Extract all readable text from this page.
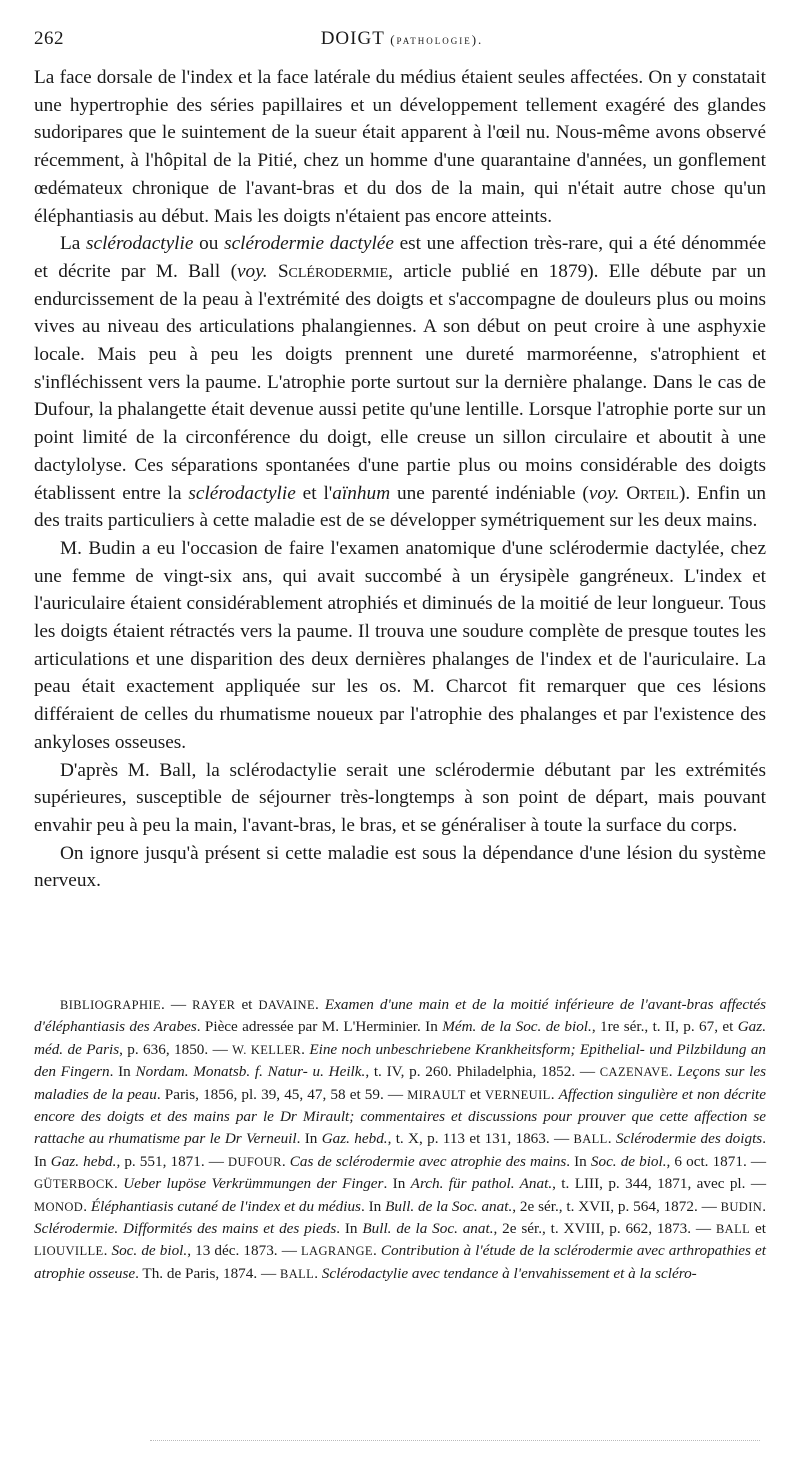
262	DOIGT (pathologie).

La face dorsale de l'index et la face latérale du médius étaient seules affectées. On y constatait une hypertrophie des séries papillaires et un développement tellement exagéré des glandes sudoripares que le suintement de la sueur était apparent à l'œil nu. Nous-même avons observé récemment, à l'hôpital de la Pitié, chez un homme d'une quarantaine d'années, un gonflement œdémateux chronique de l'avant-bras et du dos de la main, qui n'était autre chose qu'un éléphantiasis au début. Mais les doigts n'étaient pas encore atteints.

La sclérodactylie ou sclérodermie dactylée est une affection très-rare, qui a été dénommée et décrite par M. Ball (voy. Sclérodermie, article publié en 1879). Elle débute par un endurcissement de la peau à l'extrémité des doigts et s'accompagne de douleurs plus ou moins vives au niveau des articulations phalangiennes. A son début on peut croire à une asphyxie locale. Mais peu à peu les doigts prennent une dureté marmoréenne, s'atrophient et s'infléchissent vers la paume. L'atrophie porte surtout sur la dernière phalange. Dans le cas de Dufour, la phalangette était devenue aussi petite qu'une lentille. Lorsque l'atrophie porte sur un point limité de la circonférence du doigt, elle creuse un sillon circulaire et aboutit à une dactylolyse. Ces séparations spontanées d'une partie plus ou moins considérable des doigts établissent entre la sclérodactylie et l'aïnhum une parenté indéniable (voy. Orteil). Enfin un des traits particuliers à cette maladie est de se développer symétriquement sur les deux mains.

M. Budin a eu l'occasion de faire l'examen anatomique d'une sclérodermie dactylée, chez une femme de vingt-six ans, qui avait succombé à un érysipèle gangréneux. L'index et l'auriculaire étaient considérablement atrophiés et diminués de la moitié de leur longueur. Tous les doigts étaient rétractés vers la paume. Il trouva une soudure complète de presque toutes les articulations et une disparition des deux dernières phalanges de l'index et de l'auriculaire. La peau était exactement appliquée sur les os. M. Charcot fit remarquer que ces lésions différaient de celles du rhumatisme noueux par l'atrophie des phalanges et par l'existence des ankyloses osseuses.

D'après M. Ball, la sclérodactylie serait une sclérodermie débutant par les extrémités supérieures, susceptible de séjourner très-longtemps à son point de départ, mais pouvant envahir peu à peu la main, l'avant-bras, le bras, et se généraliser à toute la surface du corps.

On ignore jusqu'à présent si cette maladie est sous la dépendance d'une lésion du système nerveux.

BIBLIOGRAPHIE. — RAYER et DAVAINE. Examen d'une main et de la moitié inférieure de l'avant-bras affectés d'éléphantiasis des Arabes. Pièce adressée par M. L'Herminier. In Mém. de la Soc. de biol., 1re sér., t. II, p. 67, et Gaz. méd. de Paris, p. 636, 1850. — W. KELLER. Eine noch unbeschriebene Krankheitsform; Epithelial- und Pilzbildung an den Fingern. In Nordam. Monatsb. f. Natur- u. Heilk., t. IV, p. 260. Philadelphia, 1852. — CAZENAVE. Leçons sur les maladies de la peau. Paris, 1856, pl. 39, 45, 47, 58 et 59. — MIRAULT et VERNEUIL. Affection singulière et non décrite encore des doigts et des mains par le Dr Mirault; commentaires et discussions pour prouver que cette affection se rattache au rhumatisme par le Dr Verneuil. In Gaz. hebd., t. X, p. 113 et 131, 1863. — BALL. Sclérodermie des doigts. In Gaz. hebd., p. 551, 1871. — DUFOUR. Cas de sclérodermie avec atrophie des mains. In Soc. de biol., 6 oct. 1871. — GÜTERBOCK. Ueber lupöse Verkrümmungen der Finger. In Arch. für pathol. Anat., t. LIII, p. 344, 1871, avec pl. — MONOD. Éléphantiasis cutané de l'index et du médius. In Bull. de la Soc. anat., 2e sér., t. XVII, p. 564, 1872. — BUDIN. Sclérodermie. Difformités des mains et des pieds. In Bull. de la Soc. anat., 2e sér., t. XVIII, p. 662, 1873. — BALL et LIOUVILLE. Soc. de biol., 13 déc. 1873. — LAGRANGE. Contribution à l'étude de la sclérodermie avec arthropathies et atrophie osseuse. Th. de Paris, 1874. — BALL. Sclérodactylie avec tendance à l'envahissement et à la scléro-
